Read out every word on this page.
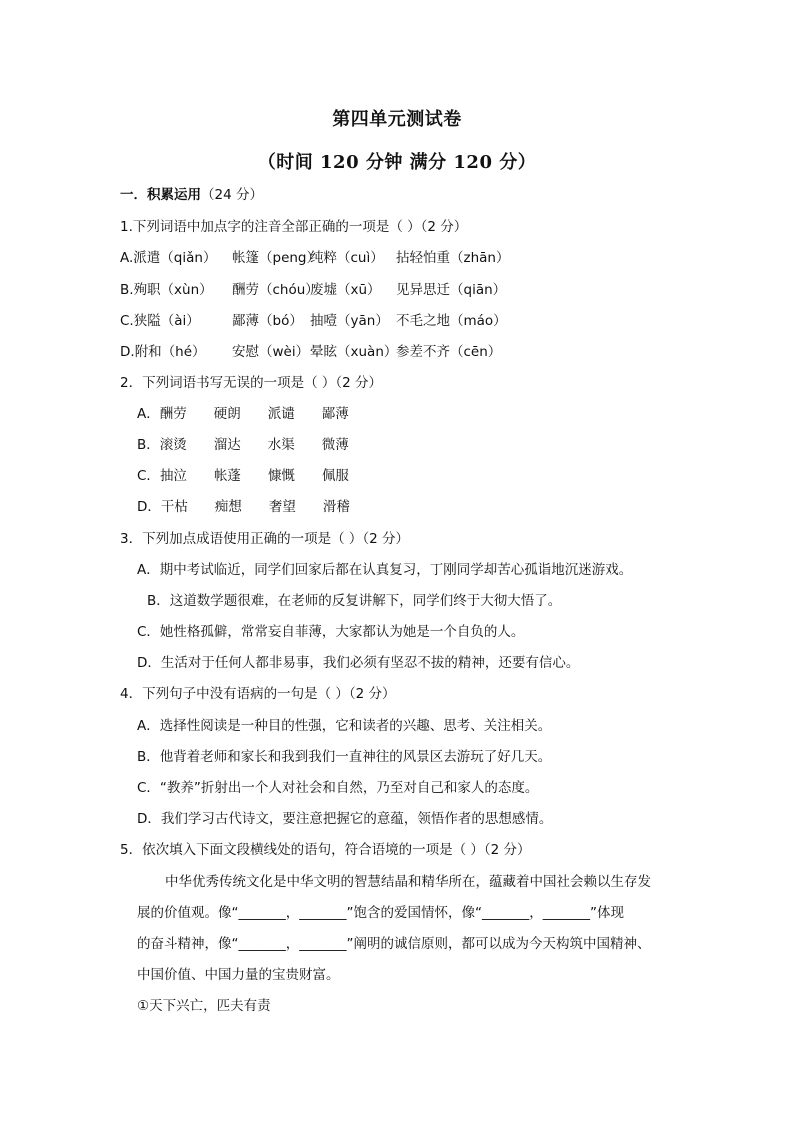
第四单元测试卷
（时间 120 分钟 满分 120 分）
一．积累运用（24 分）
1.下列词语中加点字的注音全部正确的一项是（ ）（2 分）
A.派遣（qiǎn） 帐篷（peng）纯粹（cuì） 拈轻怕重（zhān）
B.殉职（xùn） 酬劳（chóu）废墟（xū） 见异思迁（qiān）
C.狭隘（ài） 鄙薄（bó） 抽噎（yān） 不毛之地（máo）
D.附和（hé） 安慰（wèi）晕眩（xuàn）参差不齐（cēn）
2．下列词语书写无误的一项是（ ）（2 分）
A．酬劳 硬朗 派谴 鄙薄
B．滚烫 溜达 水渠 微薄
C．抽泣 帐蓬 慷慨 佩服
D．干枯 痴想 奢望 滑稽
3．下列加点成语使用正确的一项是（ ）（2 分）
A．期中考试临近，同学们回家后都在认真复习，丁刚同学却苦心孤诣地沉迷游戏。
B．这道数学题很难，在老师的反复讲解下，同学们终于大彻大悟了。
C．她性格孤僻，常常妄自菲薄，大家都认为她是一个自负的人。
D．生活对于任何人都非易事，我们必须有坚忍不拔的精神，还要有信心。
4．下列句子中没有语病的一句是（ ）（2 分）
A．选择性阅读是一种目的性强，它和读者的兴趣、思考、关注相关。
B．他背着老师和家长和我到我们一直神往的风景区去游玩了好几天。
C．“教养”折射出一个人对社会和自然，乃至对自己和家人的态度。
D．我们学习古代诗文，要注意把握它的意蕴，领悟作者的思想感情。
5．依次填入下面文段横线处的语句，符合语境的一项是（ ）（2 分）
中华优秀传统文化是中华文明的智慧结晶和精华所在，蕴藏着中国社会赖以生存发
展的价值观。像“_______，_______”饱含的爱国情怀，像“_______，_______”体现
的奋斗精神，像“_______，_______”阐明的诚信原则，都可以成为今天构筑中国精神、
中国价值、中国力量的宝贵财富。
①天下兴亡，匹夫有责
